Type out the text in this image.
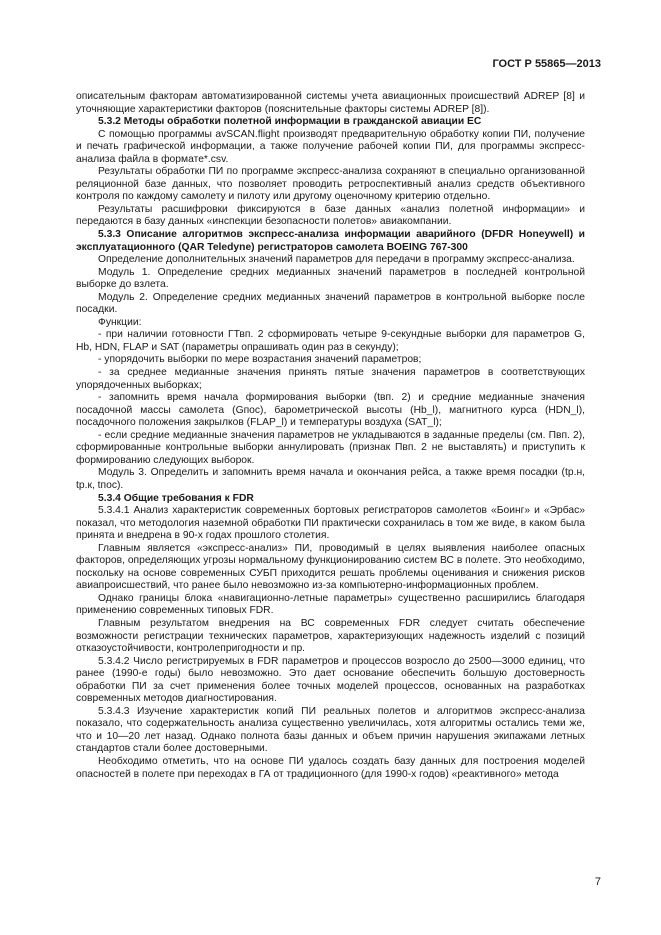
ГОСТ Р 55865—2013

описательным факторам автоматизированной системы учета авиационных происшествий ADREP [8] и уточняющие характеристики факторов (пояснительные факторы системы ADREP [8]).

5.3.2 Методы обработки полетной информации в гражданской авиации ЕС

С помощью программы avSCAN.flight производят предварительную обработку копии ПИ, получение и печать графической информации, а также получение рабочей копии ПИ, для программы экспресс-анализа файла в формате*.csv.

Результаты обработки ПИ по программе экспресс-анализа сохраняют в специально организованной реляционной базе данных, что позволяет проводить ретроспективный анализ средств объективного контроля по каждому самолету и пилоту или другому оценочному критерию отдельно.

Результаты расшифровки фиксируются в базе данных «анализ полетной информации» и передаются в базу данных «инспекции безопасности полетов» авиакомпании.

5.3.3 Описание алгоритмов экспресс-анализа информации аварийного (DFDR Honeywell) и эксплуатационного (QAR Teledyne) регистраторов самолета BOEING 767-300

Определение дополнительных значений параметров для передачи в программу экспресс-анализа.

Модуль 1. Определение средних медианных значений параметров в последней контрольной выборке до взлета.

Модуль 2. Определение средних медианных значений параметров в контрольной выборке после посадки.

Функции:

- при наличии готовности ГТвп. 2 сформировать четыре 9-секундные выборки для параметров G, Hb, HDN, FLAP и SAT (параметры опрашивать один раз в секунду);

- упорядочить выборки по мере возрастания значений параметров;

- за среднее медианные значения принять пятые значения параметров в соответствующих упорядоченных выборках;

- запомнить время начала формирования выборки (tвп. 2) и средние медианные значения посадочной массы самолета (Gпос), барометрической высоты (Hb_l), магнитного курса (HDN_l), посадочного положения закрылков (FLAP_l) и температуры воздуха (SAT_l);

- если средние медианные значения параметров не укладываются в заданные пределы (см. Пвп. 2), сформированные контрольные выборки аннулировать (признак Пвп. 2 не выставлять) и приступить к формированию следующих выборок.

Модуль 3. Определить и запомнить время начала и окончания рейса, а также время посадки (tр.н, tр.к, tпос).

5.3.4 Общие требования к FDR

5.3.4.1 Анализ характеристик современных бортовых регистраторов самолетов «Боинг» и «Эрбас» показал, что методология наземной обработки ПИ практически сохранилась в том же виде, в каком была принята и внедрена в 90-х годах прошлого столетия.

Главным является «экспресс-анализ» ПИ, проводимый в целях выявления наиболее опасных факторов, определяющих угрозы нормальному функционированию систем ВС в полете. Это необходимо, поскольку на основе современных СУБП приходится решать проблемы оценивания и снижения рисков авиапроисшествий, что ранее было невозможно из-за компьютерно-информационных проблем.

Однако границы блока «навигационно-летные параметры» существенно расширились благодаря применению современных типовых FDR.

Главным результатом внедрения на ВС современных FDR следует считать обеспечение возможности регистрации технических параметров, характеризующих надежность изделий с позиций отказоустойчивости, контролепригодности и пр.

5.3.4.2 Число регистрируемых в FDR параметров и процессов возросло до 2500—3000 единиц, что ранее (1990-е годы) было невозможно. Это дает основание обеспечить большую достоверность обработки ПИ за счет применения более точных моделей процессов, основанных на разработках современных методов диагностирования.

5.3.4.3 Изучение характеристик копий ПИ реальных полетов и алгоритмов экспресс-анализа показало, что содержательность анализа существенно увеличилась, хотя алгоритмы остались теми же, что и 10—20 лет назад. Однако полнота базы данных и объем причин нарушения экипажами летных стандартов стали более достоверными.

Необходимо отметить, что на основе ПИ удалось создать базу данных для построения моделей опасностей в полете при переходах в ГА от традиционного (для 1990-х годов) «реактивного» метода

7
